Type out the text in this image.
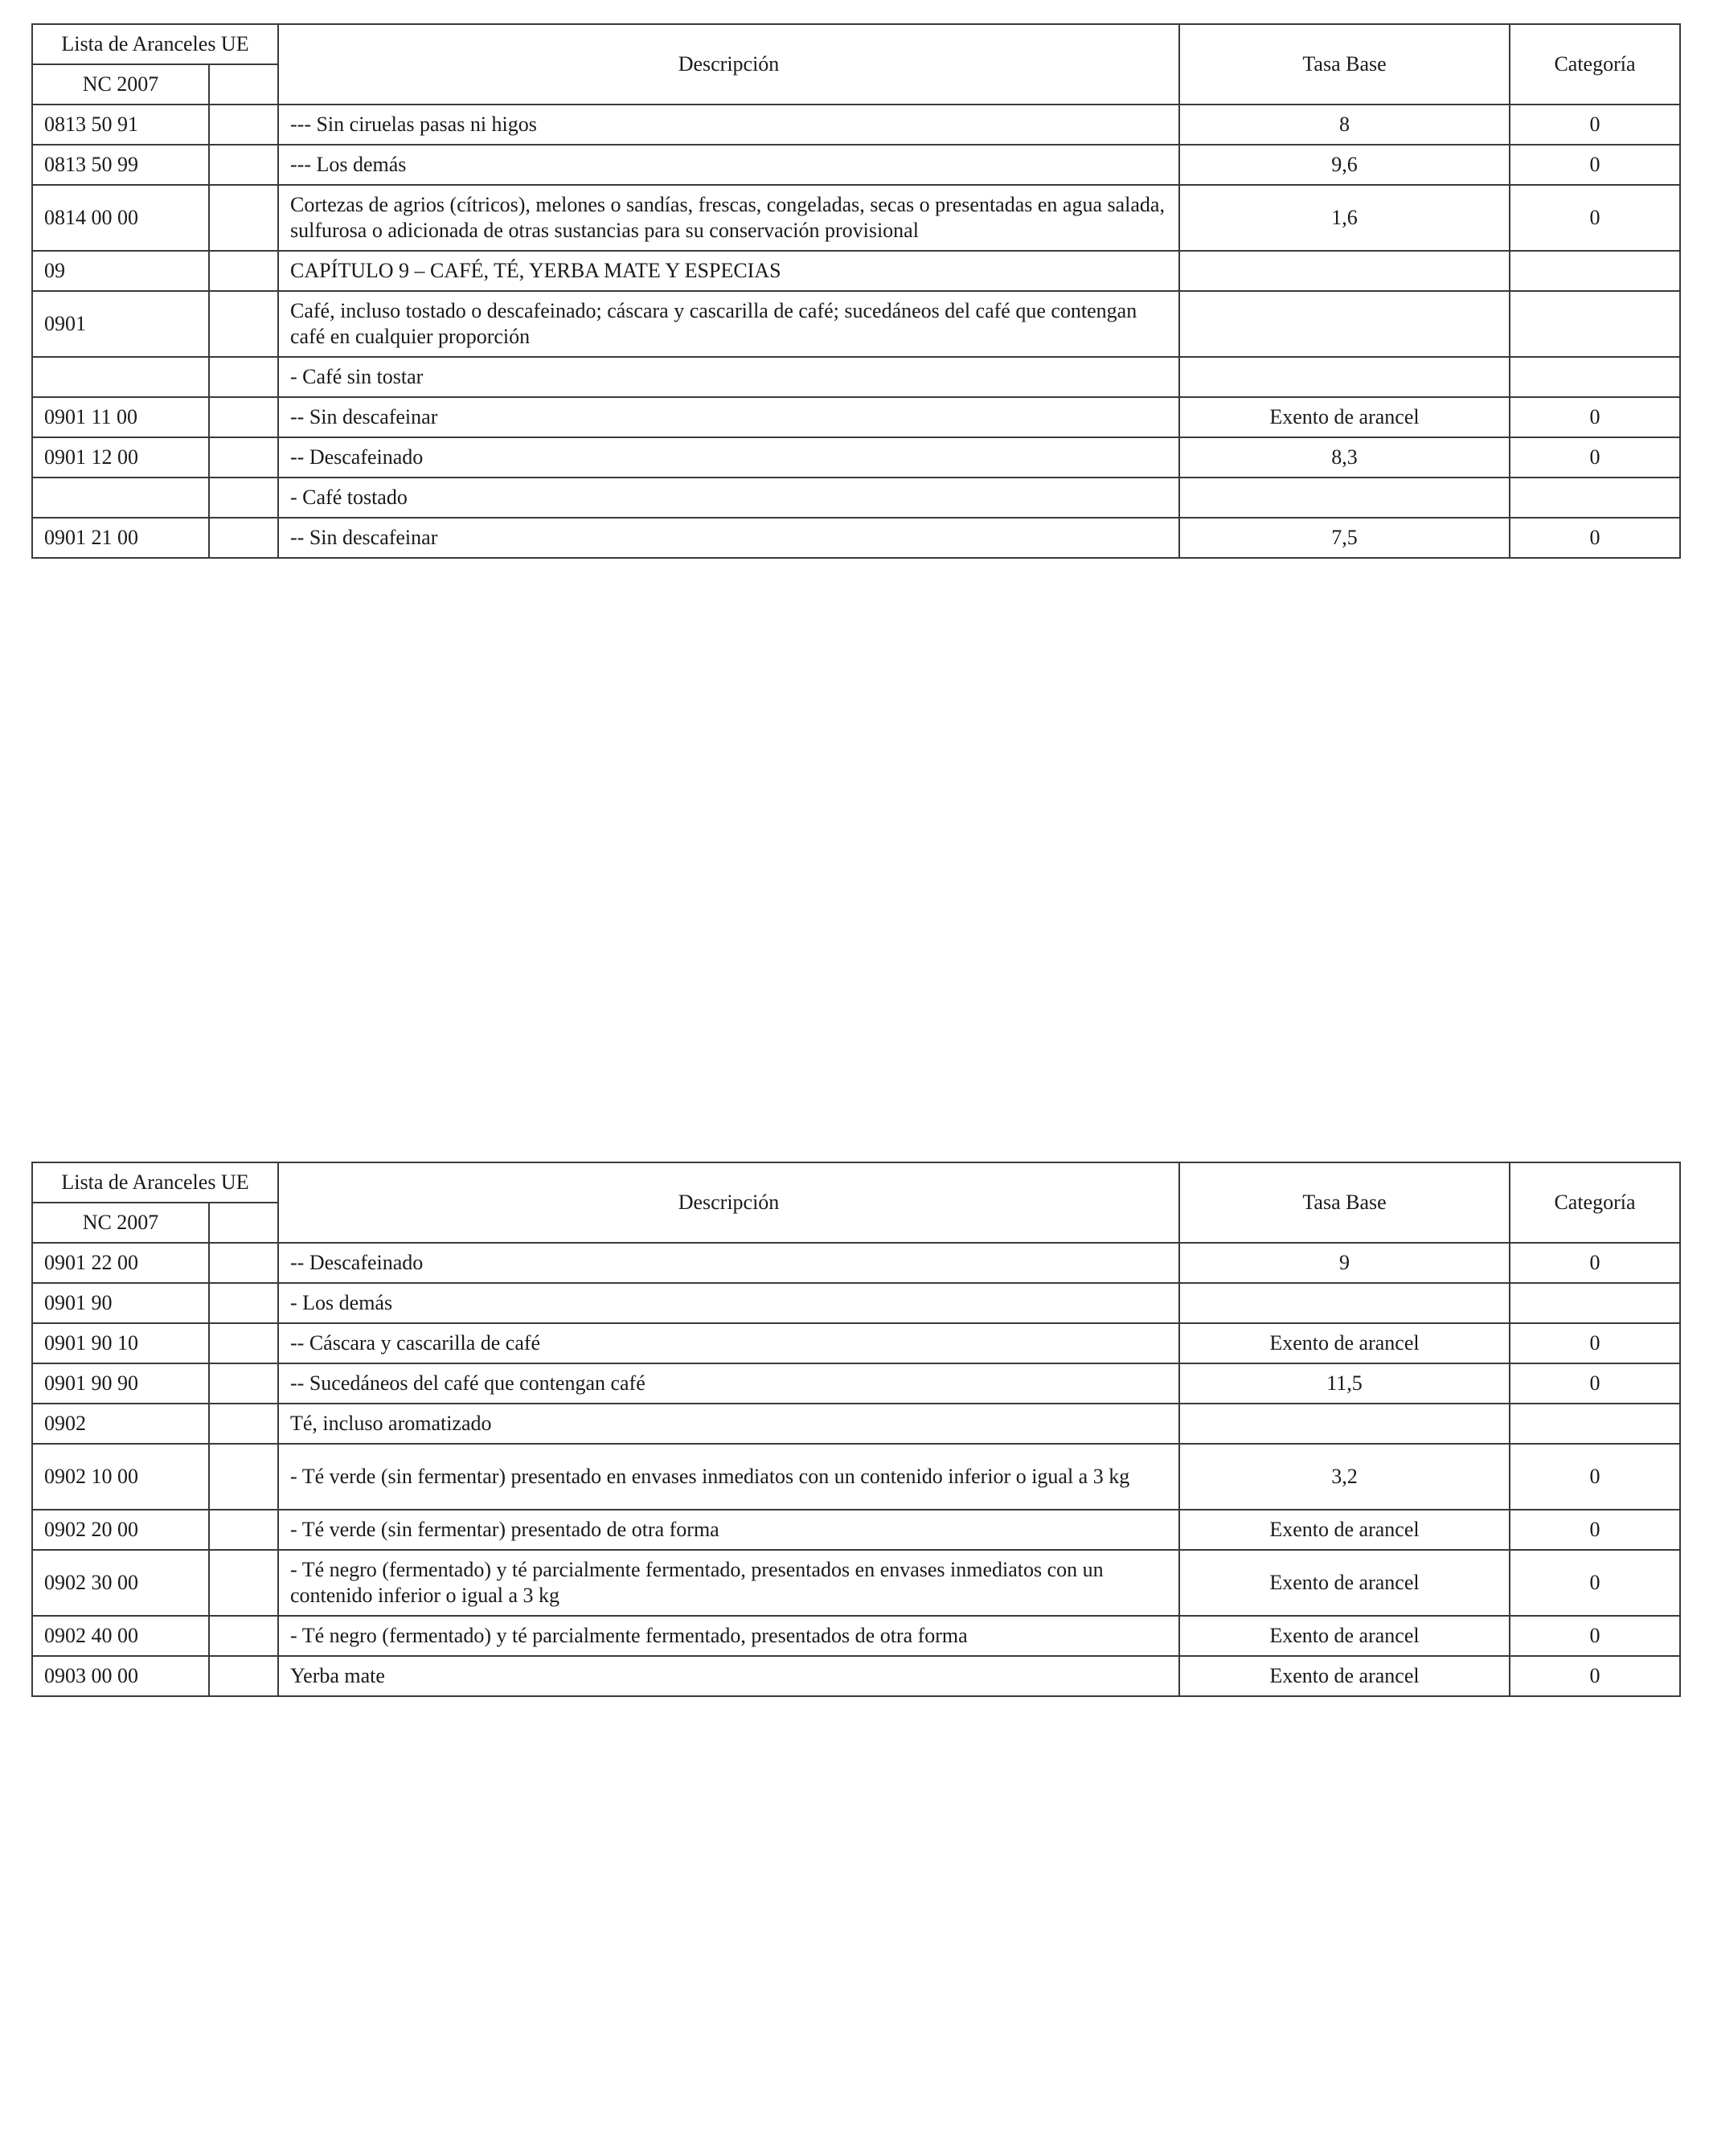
Lista de Aranceles UE		Descripción	Tasa Base	Categoría
NC 2007				
0813 50 91		--- Sin ciruelas pasas ni higos	8	0
0813 50 99		--- Los demás	9,6	0
0814 00 00		Cortezas de agrios (cítricos), melones o sandías, frescas, congeladas, secas o presentadas en agua salada, sulfurosa o adicionada de otras sustancias para su conservación provisional	1,6	0
09		CAPÍTULO 9 – CAFÉ, TÉ, YERBA MATE Y ESPECIAS		
0901		Café, incluso tostado o descafeinado; cáscara y cascarilla de café; sucedáneos del café que contengan café en cualquier proporción		
		- Café sin tostar		
0901 11 00		-- Sin descafeinar	Exento de arancel	0
0901 12 00		-- Descafeinado	8,3	0
		- Café tostado		
0901 21 00		-- Sin descafeinar	7,5	0
Lista de Aranceles UE		Descripción	Tasa Base	Categoría
NC 2007				
0901 22 00		-- Descafeinado	9	0
0901 90		- Los demás		
0901 90 10		-- Cáscara y cascarilla de café	Exento de arancel	0
0901 90 90		-- Sucedáneos del café que contengan café	11,5	0
0902		Té, incluso aromatizado		
0902 10 00		- Té verde (sin fermentar) presentado en envases inmediatos con un contenido inferior o igual a 3 kg	3,2	0
0902 20 00		- Té verde (sin fermentar) presentado de otra forma	Exento de arancel	0
0902 30 00		- Té negro (fermentado) y té parcialmente fermentado, presentados en envases inmediatos con un contenido inferior o igual a 3 kg	Exento de arancel	0
0902 40 00		- Té negro (fermentado) y té parcialmente fermentado, presentados de otra forma	Exento de arancel	0
0903 00 00		Yerba mate	Exento de arancel	0
